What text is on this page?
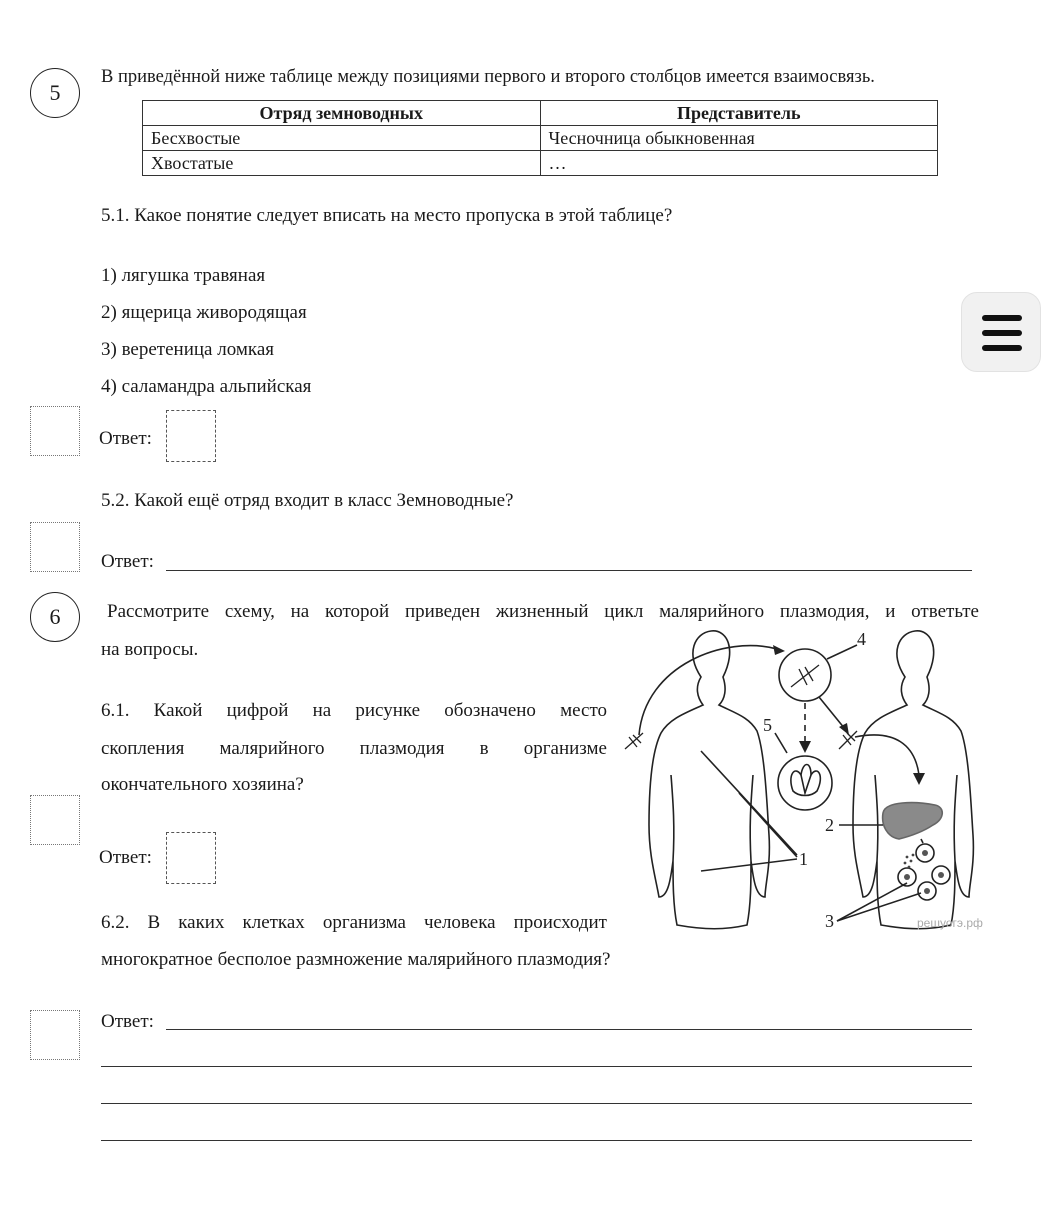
5
В приведённой ниже таблице между позициями первого и второго столбцов имеется взаимосвязь.
Отряд земноводных	Представитель
Бесхвостые	Чесночница обыкновенная
Хвостатые	…
5.1. Какое понятие следует вписать на место пропуска в этой таблице?
1) лягушка травяная
2) ящерица живородящая
3) веретеница ломкая
4) саламандра альпийская
Ответ:
5.2. Какой ещё отряд входит в класс Земноводные?
Ответ:
6	Рассмотрите схему, на которой приведен жизненный цикл малярийного плазмодия, и ответьте
на вопросы.
6.1. Какой цифрой на рисунке обозначено место
скопления малярийного плазмодия в организме
окончательного хозяина?
Ответ:
6.2. В каких клетках организма человека происходит
многократное бесполое размножение малярийного плазмодия?
Ответ:
4
5
2
3
1
решуогэ.рф
